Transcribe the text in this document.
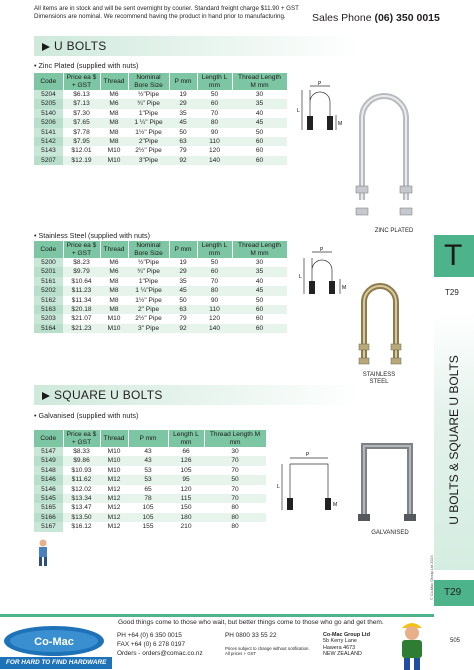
All items are in stock and will be sent overnight by courier. Standard freight charge $11.90 + GST Dimensions are nominal. We recommend having the product in hand prior to manufacturing.	Sales Phone (06) 350 0015
U BOLTS
• Zinc Plated (supplied with nuts)
Code	Price ea $ + GST	Thread	Nominal Bore Size	P mm	Length L mm	Thread Length M mm
5204	$6.13	M6	½"Pipe	19	50	30
5205	$7.13	M6	¾" Pipe	29	60	35
5140	$7.30	M8	1"Pipe	35	70	40
5206	$7.65	M8	1 ¼" Pipe	45	80	45
5141	$7.78	M8	1½" Pipe	50	90	50
5142	$7.95	M8	2"Pipe	63	110	60
5143	$12.01	M10	2½" Pipe	79	120	60
5207	$12.19	M10	3"Pipe	92	140	60
P
L
M
ZINC PLATED
• Stainless Steel (supplied with nuts)
Code	Price ea $ + GST	Thread	Nominal Bore Size	P mm	Length L mm	Thread Length M mm
5200	$8.23	M6	½"Pipe	19	50	30
5201	$9.79	M6	¾" Pipe	29	60	35
5161	$10.64	M8	1"Pipe	35	70	40
5202	$11.23	M8	1 ¼"Pipe	45	80	45
5162	$11.34	M8	1½" Pipe	50	90	50
5163	$20.18	M8	2" Pipe	63	110	60
5203	$21.07	M10	2½" Pipe	79	120	60
5164	$21.23	M10	3" Pipe	92	140	60
P
L
M
STAINLESS STEEL
SQUARE U BOLTS
• Galvanised (supplied with nuts)
Code	Price ea $ + GST	Thread	P mm	Length L mm	Thread Length M mm
5147	$8.33	M10	43	66	30
5149	$9.86	M10	43	126	70
5148	$10.93	M10	53	105	70
5146	$11.62	M12	53	95	50
5146	$12.02	M12	65	120	70
5145	$13.34	M12	78	115	70
5165	$13.47	M12	105	150	80
5166	$13.50	M12	105	180	80
5167	$16.12	M12	155	210	80
P
L
M
GALVANISED
T
T29
U BOLTS & SQUARE U BOLTS
© Co-Mac Group Ltd 2024 T29
505
Good things come to those who wait, but better things come to those who go and get them.
Co-Mac
FOR HARD TO FIND HARDWARE
PH +64 (0) 6 350 0015
FAX +64 (0) 6 278 0197
Orders - orders@comac.co.nz
PH 0800 33 55 22
Prices subject to change without notification. All prices + GST
Co-Mac Group Ltd
5b Kerry Lane
Hawera 4673
NEW ZEALAND
